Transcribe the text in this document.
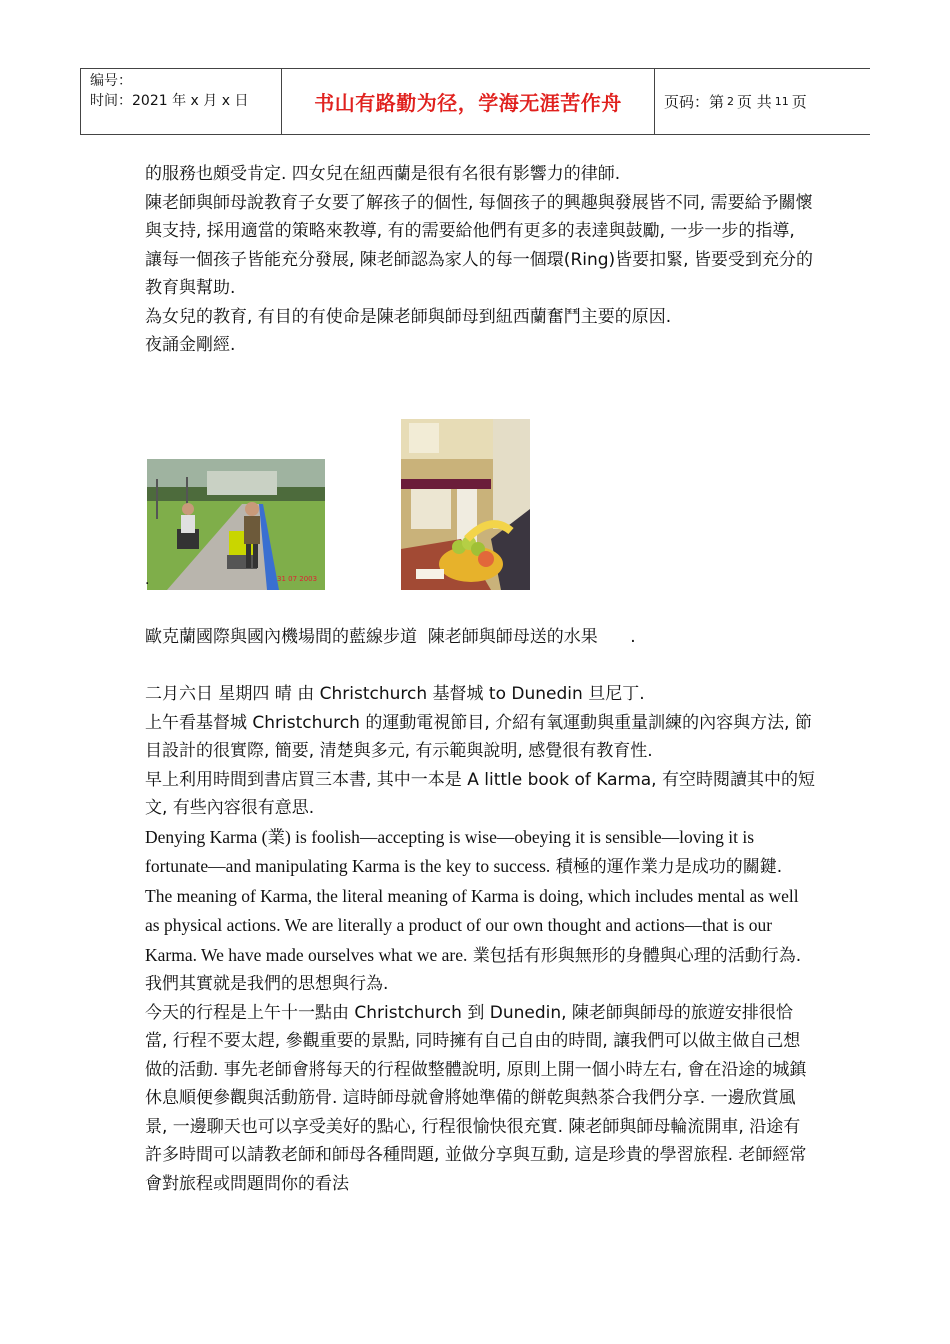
编号：
时间：2021 年 x 月 x 日	书山有路勤为径，学海无涯苦作舟	页码：第 2 页 共 11 页

的服務也頗受肯定. 四女兒在紐西蘭是很有名很有影響力的律師.

陳老師與師母說教育子女要了解孩子的個性, 每個孩子的興趣與發展皆不同, 需要給予關懷與支持, 採用適當的策略來教導, 有的需要給他們有更多的表達與鼓勵, 一步一步的指導, 讓每一個孩子皆能充分發展, 陳老師認為家人的每一個環(Ring)皆要扣緊, 皆要受到充分的教育與幫助.

為女兒的教育, 有目的有使命是陳老師與師母到紐西蘭奮鬥主要的原因.

夜誦金剛經.

31 07 2003
.
歐克蘭國際與國內機場間的藍線步道  陳老師與師母送的水果      .

二月六日 星期四 晴 由 Christchurch 基督城 to Dunedin 旦尼丁.

上午看基督城 Christchurch 的運動電視節目, 介紹有氧運動與重量訓練的內容與方法, 節目設計的很實際, 簡要, 清楚與多元, 有示範與說明, 感覺很有教育性.

早上利用時間到書店買三本書, 其中一本是 A little book of Karma, 有空時閱讀其中的短文, 有些內容很有意思.

Denying Karma (業) is foolish—accepting is wise—obeying it is sensible—loving it is fortunate—and manipulating Karma is the key to success. 積極的運作業力是成功的關鍵.

The meaning of Karma, the literal meaning of Karma is doing, which includes mental as well as physical actions. We are literally a product of our own thought and actions—that is our Karma. We have made ourselves what we are. 業包括有形與無形的身體與心理的活動行為. 我們其實就是我們的思想與行為.

今天的行程是上午十一點由 Christchurch 到 Dunedin, 陳老師與師母的旅遊安排很恰當, 行程不要太趕, 參觀重要的景點, 同時擁有自己自由的時間, 讓我們可以做主做自己想做的活動. 事先老師會將每天的行程做整體說明, 原則上開一個小時左右, 會在沿途的城鎮休息順便參觀與活動筋骨. 這時師母就會將她準備的餅乾與熱茶合我們分享. 一邊欣賞風景, 一邊聊天也可以享受美好的點心, 行程很愉快很充實. 陳老師與師母輪流開車, 沿途有許多時間可以請教老師和師母各種問題, 並做分享與互動, 這是珍貴的學習旅程. 老師經常會對旅程或問題問你的看法
